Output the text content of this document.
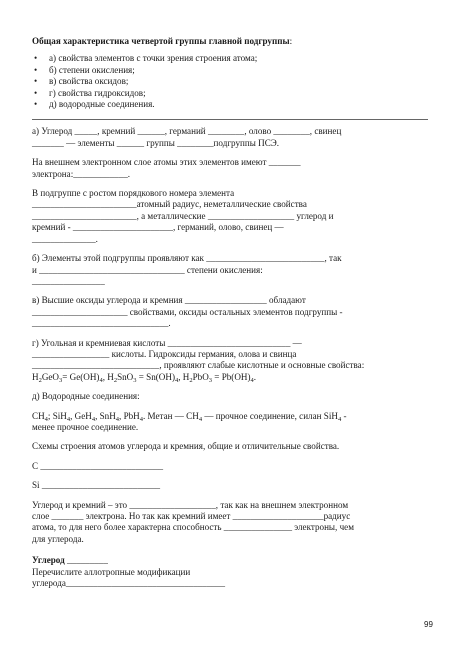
Общая характеристика четвертой группы главной подгруппы:
• а) свойства элементов с точки зрения строения атома;
• б) степени окисления;
• в) свойства оксидов;
• г) свойства гидроксидов;
• д) водородные соединения.

а) Углерод _____, кремний ______, германий ________, олово ________, свинец
_______ — элементы ______ группы ________подгруппы ПСЭ.

На внешнем электронном слое атомы этих элементов имеют _______
электрона:____________.

В подгруппе с ростом порядкового номера элемента
_______________________атомный радиус, неметаллические свойства
_______________________, а металлические ___________________ углерод и
кремний - ______________________, германий, олово, свинец —
______________.

б) Элементы этой подгруппы проявляют как __________________________, так
и ________________________________ степени окисления:
________________

в) Высшие оксиды углерода и кремния __________________ обладают
_____________________ свойствами, оксиды остальных элементов подгруппы -
______________________________.

г) Угольная и кремниевая кислоты ___________________________ —
_________________ кислоты. Гидроксиды германия, олова и свинца
____________________________, проявляют слабые кислотные и основные свойства:
$H_2GeO_3= Ge(OH)_4$, $H_2SnO_3 = Sn(OH)_4$, $H_2PbO_3 = Pb(OH)_4$.

д) Водородные соединения:

$CH_4$; SiH$_4$, GeH$_4$, SnH$_4$, PbH$_4$. Метан — $CH_4$ — прочное соединение, силан SiH$_4$ -
менее прочное соединение.

Схемы строения атомов углерода и кремния, общие и отличительные свойства.

С ___________________________

Si __________________________

Углерод и кремний – это ___________________, так как на внешнем электронном
слое _______ электрона. Но так как кремний имеет ____________________радиус
атома, то для него более характерна способность _______________ электроны, чем
для углерода.

Углерод _________
Перечислите аллотропные модификации
углерода___________________________________

99
